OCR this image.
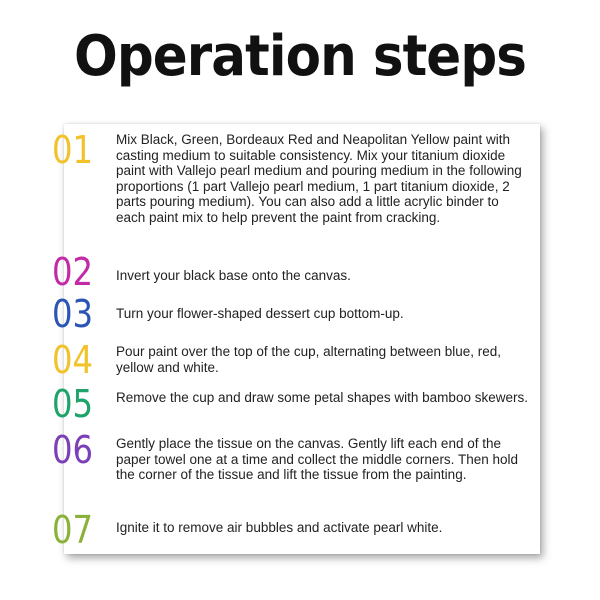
Operation steps
01 Mix Black, Green, Bordeaux Red and Neapolitan Yellow paint with casting medium to suitable consistency. Mix your titanium dioxide paint with Vallejo pearl medium and pouring medium in the following proportions (1 part Vallejo pearl medium, 1 part titanium dioxide, 2 parts pouring medium). You can also add a little acrylic binder to each paint mix to help prevent the paint from cracking.
02 Invert your black base onto the canvas.
03 Turn your flower-shaped dessert cup bottom-up.
04 Pour paint over the top of the cup, alternating between blue, red, yellow and white.
05 Remove the cup and draw some petal shapes with bamboo skewers.
06 Gently place the tissue on the canvas. Gently lift each end of the paper towel one at a time and collect the middle corners. Then hold the corner of the tissue and lift the tissue from the painting.
07 Ignite it to remove air bubbles and activate pearl white.
